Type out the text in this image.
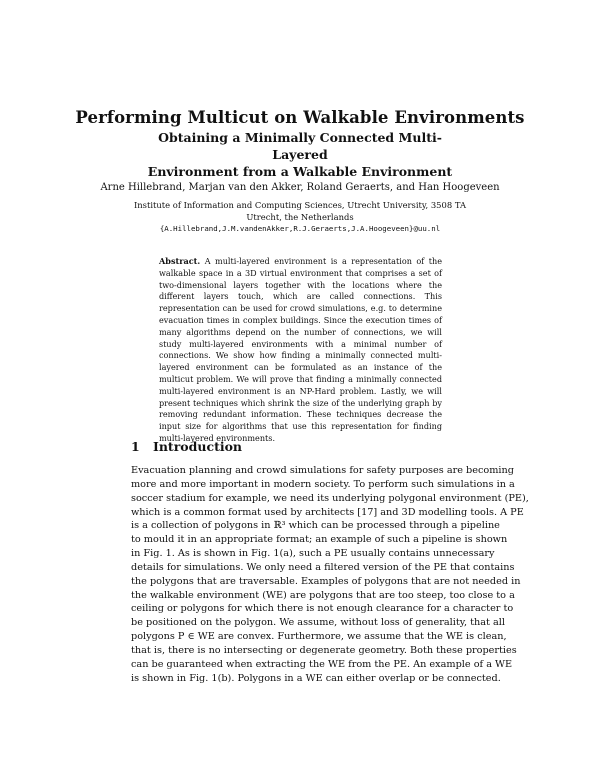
Performing Multicut on Walkable Environments
Obtaining a Minimally Connected Multi-Layered
Environment from a Walkable Environment
Arne Hillebrand, Marjan van den Akker, Roland Geraerts, and Han Hoogeveen
Institute of Information and Computing Sciences, Utrecht University, 3508 TA
Utrecht, the Netherlands
{A.Hillebrand,J.M.vandenAkker,R.J.Geraerts,J.A.Hoogeveen}@uu.nl
Abstract. A multi-layered environment is a representation of the walkable space in a 3D virtual environment that comprises a set of two-dimensional layers together with the locations where the different layers touch, which are called connections. This representation can be used for crowd simulations, e.g. to determine evacuation times in complex buildings. Since the execution times of many algorithms depend on the number of connections, we will study multi-layered environments with a minimal number of connections. We show how finding a minimally connected multi-layered environment can be formulated as an instance of the multicut problem. We will prove that finding a minimally connected multi-layered environment is an NP-Hard problem. Lastly, we will present techniques which shrink the size of the underlying graph by removing redundant information. These techniques decrease the input size for algorithms that use this representation for finding multi-layered environments.
1 Introduction
Evacuation planning and crowd simulations for safety purposes are becoming
more and more important in modern society. To perform such simulations in a
soccer stadium for example, we need its underlying polygonal environment (PE),
which is a common format used by architects [17] and 3D modelling tools. A PE
is a collection of polygons in ℝ³ which can be processed through a pipeline
to mould it in an appropriate format; an example of such a pipeline is shown
in Fig. 1. As is shown in Fig. 1(a), such a PE usually contains unnecessary
details for simulations. We only need a filtered version of the PE that contains
the polygons that are traversable. Examples of polygons that are not needed in
the walkable environment (WE) are polygons that are too steep, too close to a
ceiling or polygons for which there is not enough clearance for a character to
be positioned on the polygon. We assume, without loss of generality, that all
polygons P ∈ WE are convex. Furthermore, we assume that the WE is clean,
that is, there is no intersecting or degenerate geometry. Both these properties
can be guaranteed when extracting the WE from the PE. An example of a WE
is shown in Fig. 1(b). Polygons in a WE can either overlap or be connected.
